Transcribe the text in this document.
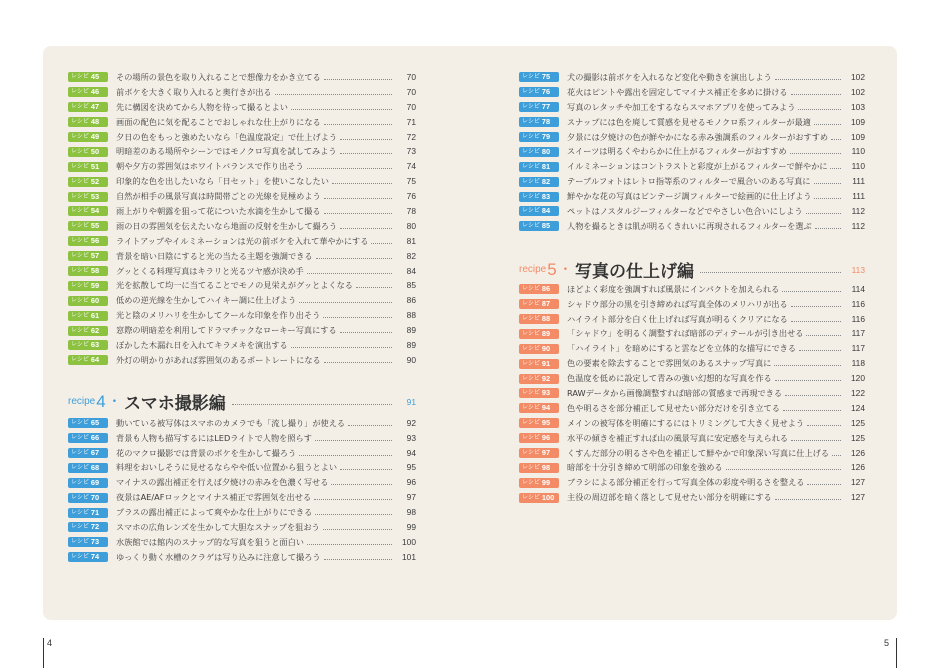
レシピ 45 その場所の景色を取り入れることで想像力をかき立てる	70
レシピ 46 前ボケを大きく取り入れると奥行きが出る	70
レシピ 47 先に構図を決めてから人物を待って撮るとよい	70
レシピ 48 画面の配色に気を配ることでおしゃれな仕上がりになる	71
レシピ 49 夕日の色をもっと強めたいなら「色温度設定」で仕上げよう	72
レシピ 50 明暗差のある場所やシーンではモノクロ写真を試してみよう	73
レシピ 51 朝や夕方の雰囲気はホワイトバランスで作り出そう	74
レシピ 52 印象的な色を出したいなら「日セット」を使いこなしたい	75
レシピ 53 自然が相手の風景写真は時間帯ごとの光線を見極めよう	76
レシピ 54 雨上がりや朝露を狙って花についた水滴を生かして撮る	78
レシピ 55 雨の日の雰囲気を伝えたいなら地面の反射を生かして撮ろう	80
レシピ 56 ライトアップやイルミネーションは光の前ボケを入れて華やかにする	81
レシピ 57 背景を暗い日陰にすると光の当たる主題を強調できる	82
レシピ 58 グッとくる料理写真はキラリと光るツヤ感が決め手	84
レシピ 59 光を拡散して均一に当てることでモノの見栄えがグッとよくなる	85
レシピ 60 低めの逆光線を生かしてハイキー調に仕上げよう	86
レシピ 61 光と陰のメリハリを生かしてクールな印象を作り出そう	88
レシピ 62 窓際の明暗差を利用してドラマチックなローキー写真にする	89
レシピ 63 ぼかした木漏れ日を入れてキラメキを演出する	89
レシピ 64 外灯の明かりがあれば雰囲気のあるポートレートになる	90
recipe 4 • スマホ撮影編	91
レシピ 65 動いている被写体はスマホのカメラでも「流し撮り」が使える	92
レシピ 66 背景も人物も描写するにはLEDライトで人物を照らす	93
レシピ 67 花のマクロ撮影では背景のボケを生かして撮ろう	94
レシピ 68 料理をおいしそうに見せるならやや低い位置から狙うとよい	95
レシピ 69 マイナスの露出補正を行えば夕焼けの赤みを色濃く写せる	96
レシピ 70 夜景はAE/AFロックとマイナス補正で雰囲気を出せる	97
レシピ 71 プラスの露出補正によって爽やかな仕上がりにできる	98
レシピ 72 スマホの広角レンズを生かして大胆なスナップを狙おう	99
レシピ 73 水族館では館内のスナップ的な写真を狙うと面白い	100
レシピ 74 ゆっくり動く水槽のクラゲは写り込みに注意して撮ろう	101
レシピ 75 犬の撮影は前ボケを入れるなど変化や動きを演出しよう	102
レシピ 76 花火はピントや露出を固定してマイナス補正を多めに掛ける	102
レシピ 77 写真のレタッチや加工をするならスマホアプリを使ってみよう	103
レシピ 78 スナップには色を廃して質感を見せるモノクロ系フィルターが最適	109
レシピ 79 夕景には夕焼けの色が鮮やかになる赤み強調系のフィルターがおすすめ	109
レシピ 80 スイーツは明るくやわらかに仕上がるフィルターがおすすめ	110
レシピ 81 イルミネーションはコントラストと彩度が上がるフィルターで鮮やかに	110
レシピ 82 テーブルフォトはレトロ指等系のフィルターで風合いのある写真に	111
レシピ 83 鮮やかな花の写真はビンテージ調フィルターで絵画的に仕上げよう	111
レシピ 84 ペットはノスタルジーフィルターなどでやさしい色合いにしよう	112
レシピ 85 人物を撮るときは肌が明るくきれいに再現されるフィルターを選ぶ	112
recipe 5 • 写真の仕上げ編	113
レシピ 86 ほどよく彩度を強調すれば風景にインパクトを加えられる	114
レシピ 87 シャドウ部分の黒を引き締めれば写真全体のメリハリが出る	116
レシピ 88 ハイライト部分を白く仕上げれば写真が明るくクリアになる	116
レシピ 89 「シャドウ」を明るく調整すれば暗部のディテールが引き出せる	117
レシピ 90 「ハイライト」を暗めにすると雲などを立体的な描写にできる	117
レシピ 91 色の要素を除去することで雰囲気のあるスナップ写真に	118
レシピ 92 色温度を低めに設定して青みの強い幻想的な写真を作る	120
レシピ 93 RAWデータから画像調整すれば暗部の質感まで再現できる	122
レシピ 94 色や明るさを部分補正して見せたい部分だけを引き立てる	124
レシピ 95 メインの被写体を明確にするにはトリミングして大きく見せよう	125
レシピ 96 水平の傾きを補正すれば山の風景写真に安定感を与えられる	125
レシピ 97 くすんだ部分の明るさや色を補正して鮮やかで印象深い写真に仕上げる	126
レシピ 98 暗部を十分引き締めて明部の印象を強める	126
レシピ 99 ブラシによる部分補正を行って写真全体の彩度や明るさを整える	127
レシピ 100 主役の周辺部を暗く落として見せたい部分を明確にする	127
4	5
